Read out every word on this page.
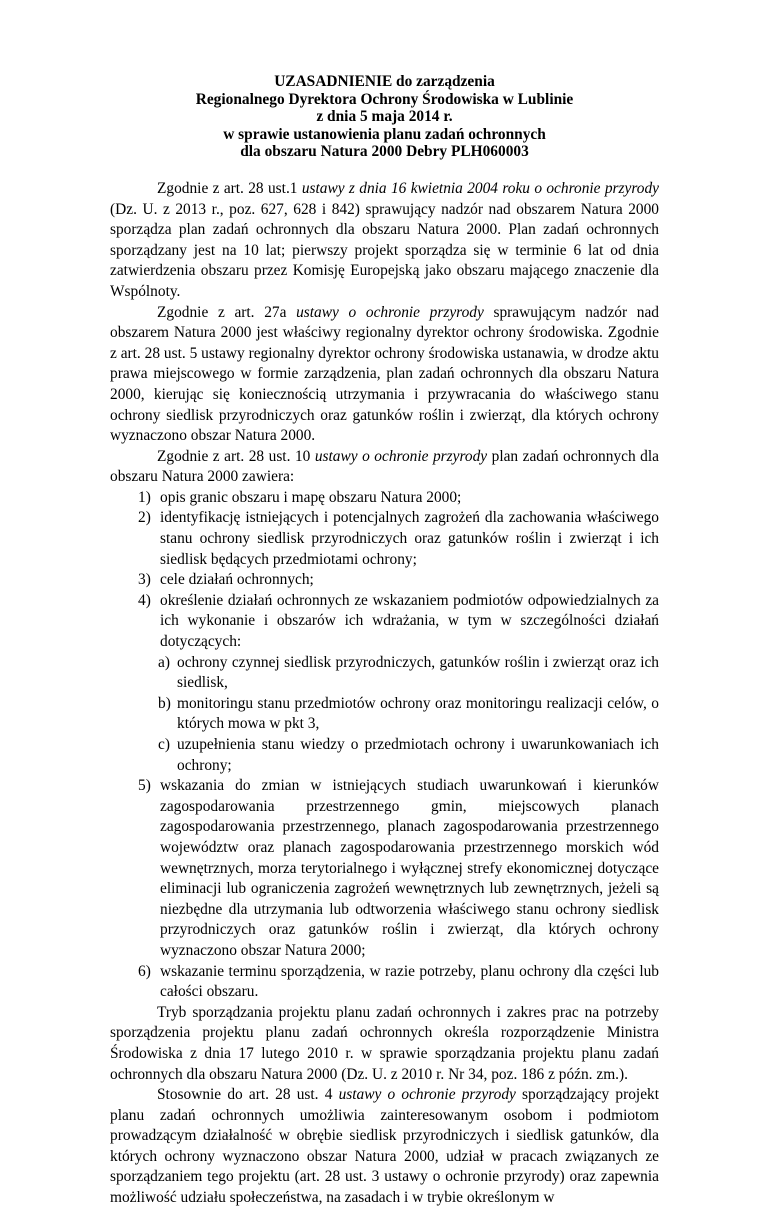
UZASADNIENIE do zarządzenia
Regionalnego Dyrektora Ochrony Środowiska w Lublinie
z dnia 5 maja 2014 r.
w sprawie ustanowienia planu zadań ochronnych
dla obszaru Natura 2000 Debry PLH060003

Zgodnie z art. 28 ust.1 ustawy z dnia 16 kwietnia 2004 roku o ochronie przyrody (Dz. U. z 2013 r., poz. 627, 628 i 842) sprawujący nadzór nad obszarem Natura 2000 sporządza plan zadań ochronnych dla obszaru Natura 2000. Plan zadań ochronnych sporządzany jest na 10 lat; pierwszy projekt sporządza się w terminie 6 lat od dnia zatwierdzenia obszaru przez Komisję Europejską jako obszaru mającego znaczenie dla Wspólnoty.

Zgodnie z art. 27a ustawy o ochronie przyrody sprawującym nadzór nad obszarem Natura 2000 jest właściwy regionalny dyrektor ochrony środowiska. Zgodnie z art. 28 ust. 5 ustawy regionalny dyrektor ochrony środowiska ustanawia, w drodze aktu prawa miejscowego w formie zarządzenia, plan zadań ochronnych dla obszaru Natura 2000, kierując się koniecznością utrzymania i przywracania do właściwego stanu ochrony siedlisk przyrodniczych oraz gatunków roślin i zwierząt, dla których ochrony wyznaczono obszar Natura 2000.

Zgodnie z art. 28 ust. 10 ustawy o ochronie przyrody plan zadań ochronnych dla obszaru Natura 2000 zawiera:

1) opis granic obszaru i mapę obszaru Natura 2000;
2) identyfikację istniejących i potencjalnych zagrożeń dla zachowania właściwego stanu ochrony siedlisk przyrodniczych oraz gatunków roślin i zwierząt i ich siedlisk będących przedmiotami ochrony;
3) cele działań ochronnych;
4) określenie działań ochronnych ze wskazaniem podmiotów odpowiedzialnych za ich wykonanie i obszarów ich wdrażania, w tym w szczególności działań dotyczących:
a) ochrony czynnej siedlisk przyrodniczych, gatunków roślin i zwierząt oraz ich siedlisk,
b) monitoringu stanu przedmiotów ochrony oraz monitoringu realizacji celów, o których mowa w pkt 3,
c) uzupełnienia stanu wiedzy o przedmiotach ochrony i uwarunkowaniach ich ochrony;
5) wskazania do zmian w istniejących studiach uwarunkowań i kierunków zagospodarowania przestrzennego gmin, miejscowych planach zagospodarowania przestrzennego, planach zagospodarowania przestrzennego województw oraz planach zagospodarowania przestrzennego morskich wód wewnętrznych, morza terytorialnego i wyłącznej strefy ekonomicznej dotyczące eliminacji lub ograniczenia zagrożeń wewnętrznych lub zewnętrznych, jeżeli są niezbędne dla utrzymania lub odtworzenia właściwego stanu ochrony siedlisk przyrodniczych oraz gatunków roślin i zwierząt, dla których ochrony wyznaczono obszar Natura 2000;
6) wskazanie terminu sporządzenia, w razie potrzeby, planu ochrony dla części lub całości obszaru.

Tryb sporządzania projektu planu zadań ochronnych i zakres prac na potrzeby sporządzenia projektu planu zadań ochronnych określa rozporządzenie Ministra Środowiska z dnia 17 lutego 2010 r. w sprawie sporządzania projektu planu zadań ochronnych dla obszaru Natura 2000 (Dz. U. z 2010 r. Nr 34, poz. 186 z późn. zm.).

Stosownie do art. 28 ust. 4 ustawy o ochronie przyrody sporządzający projekt planu zadań ochronnych umożliwia zainteresowanym osobom i podmiotom prowadzącym działalność w obrębie siedlisk przyrodniczych i siedlisk gatunków, dla których ochrony wyznaczono obszar Natura 2000, udział w pracach związanych ze sporządzaniem tego projektu (art. 28 ust. 3 ustawy o ochronie przyrody) oraz zapewnia możliwość udziału społeczeństwa, na zasadach i w trybie określonym w
